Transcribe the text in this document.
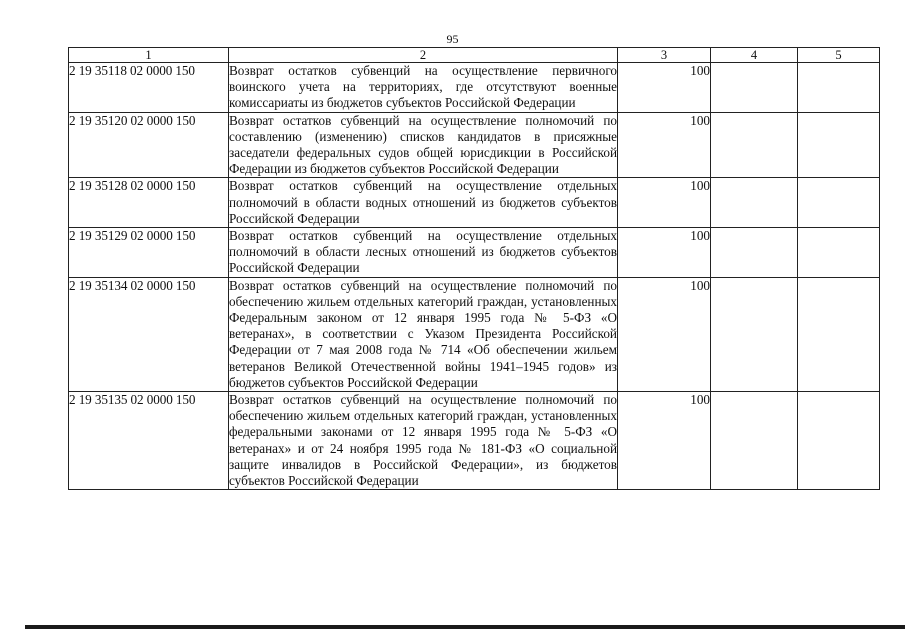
95
1	2	3	4	5
2 19 35118 02 0000 150	Возврат остатков субвенций на осуществление первичного воинского учета на территориях, где отсутствуют военные комиссариаты из бюджетов субъектов Российской Федерации	100		
2 19 35120 02 0000 150	Возврат остатков субвенций на осуществление полномочий по составлению (изменению) списков кандидатов в присяжные заседатели федеральных судов общей юрисдикции в Российской Федерации из бюджетов субъектов Российской Федерации	100		
2 19 35128 02 0000 150	Возврат остатков субвенций на осуществление отдельных полномочий в области водных отношений из бюджетов субъектов Российской Федерации	100		
2 19 35129 02 0000 150	Возврат остатков субвенций на осуществление отдельных полномочий в области лесных отношений из бюджетов субъектов Российской Федерации	100		
2 19 35134 02 0000 150	Возврат остатков субвенций на осуществление полномочий по обеспечению жильем отдельных категорий граждан, установленных Федеральным законом от 12 января 1995 года № 5-ФЗ «О ветеранах», в соответствии с Указом Президента Российской Федерации от 7 мая 2008 года № 714 «Об обеспечении жильем ветеранов Великой Отечественной войны 1941–1945 годов» из бюджетов субъектов Российской Федерации	100		
2 19 35135 02 0000 150	Возврат остатков субвенций на осуществление полномочий по обеспечению жильем отдельных категорий граждан, установленных федеральными законами от 12 января 1995 года № 5-ФЗ «О ветеранах» и от 24 ноября 1995 года № 181-ФЗ «О социальной защите инвалидов в Российской Федерации», из бюджетов субъектов Российской Федерации	100		
